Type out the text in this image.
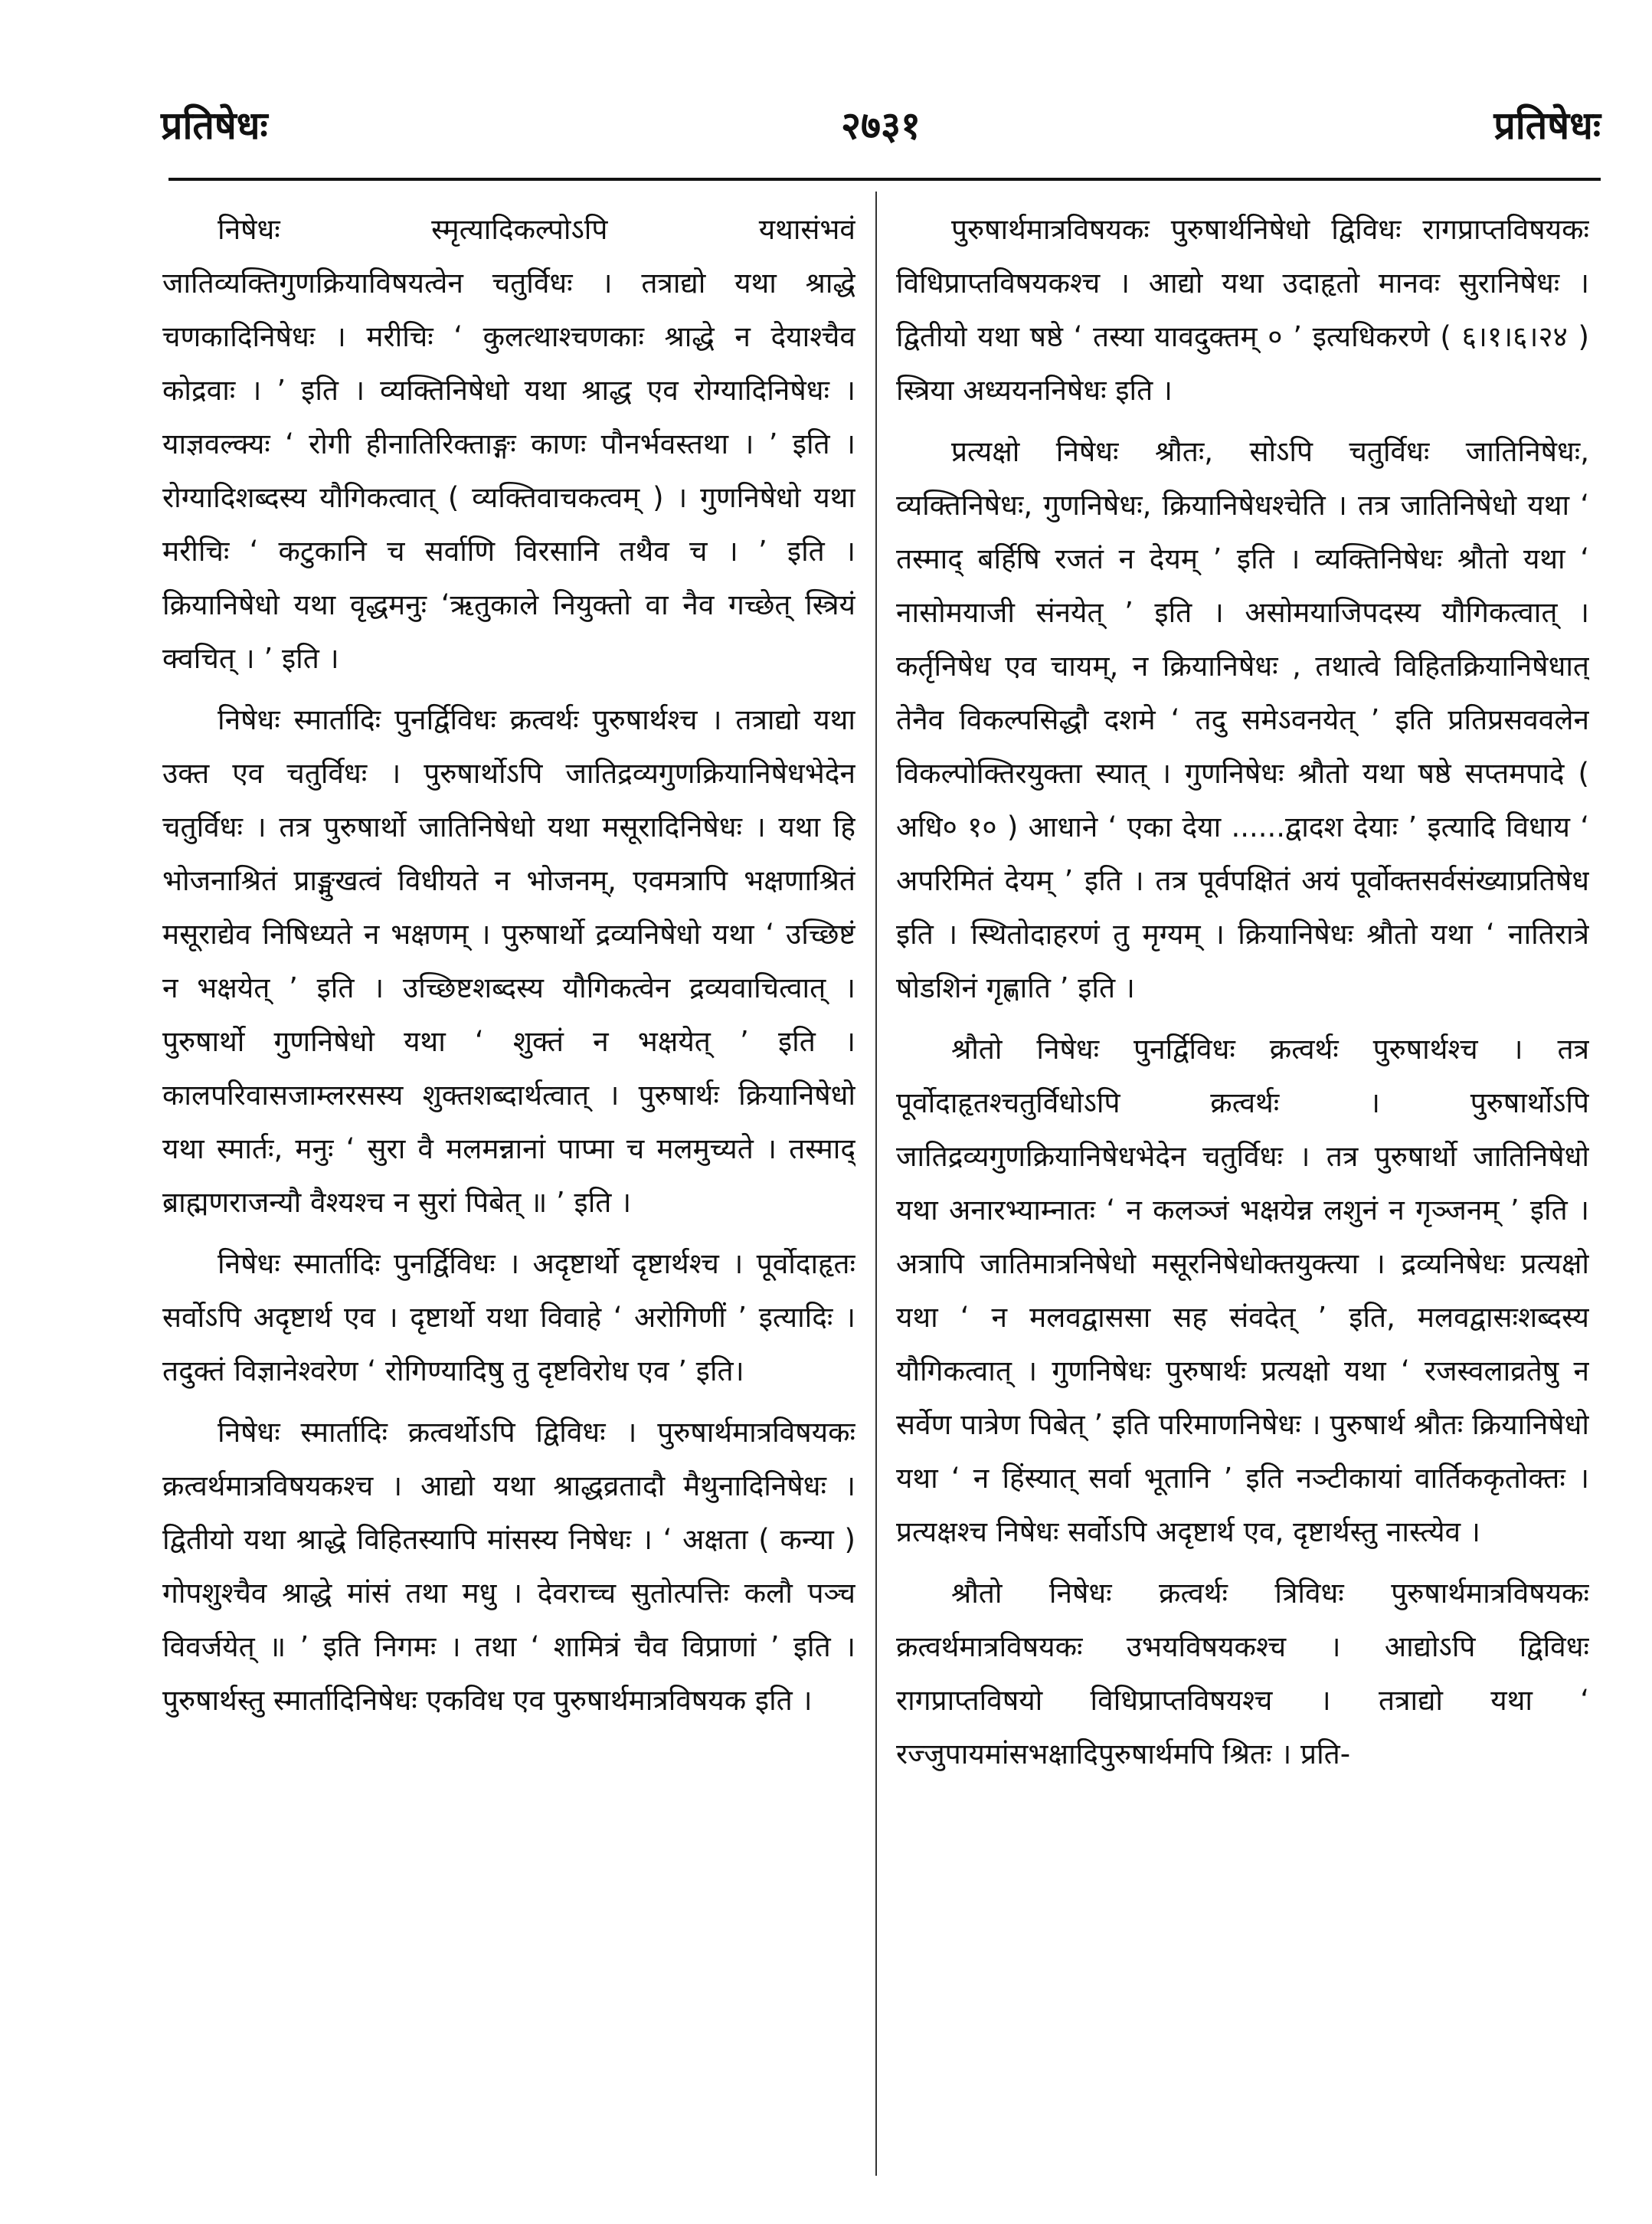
प्रतिषेधः	२७३१	प्रतिषेधः

निषेधः स्मृत्यादिकल्पोऽपि यथासंभवं जातिव्यक्तिगुणक्रियाविषयत्वेन चतुर्विधः । तत्राद्यो यथा श्राद्धे चणकादिनिषेधः । मरीचिः ‘ कुलत्थाश्चणकाः श्राद्धे न देयाश्चैव कोद्रवाः । ’ इति । व्यक्तिनिषेधो यथा श्राद्ध एव रोग्यादिनिषेधः । याज्ञवल्क्यः ‘ रोगी हीनातिरिक्ताङ्गः काणः पौनर्भवस्तथा । ’ इति । रोग्यादिशब्दस्य यौगिकत्वात् ( व्यक्तिवाचकत्वम् ) । गुणनिषेधो यथा मरीचिः ‘ कटुकानि च सर्वाणि विरसानि तथैव च । ’ इति । क्रियानिषेधो यथा वृद्धमनुः ‘ऋतुकाले नियुक्तो वा नैव गच्छेत् स्त्रियं क्वचित् । ’ इति ।

निषेधः स्मार्तादिः पुनर्द्विविधः क्रत्वर्थः पुरुषार्थश्च । तत्राद्यो यथा उक्त एव चतुर्विधः । पुरुषार्थोऽपि जातिद्रव्यगुणक्रियानिषेधभेदेन चतुर्विधः । तत्र पुरुषार्थो जातिनिषेधो यथा मसूरादिनिषेधः । यथा हि भोजनाश्रितं प्राङ्मुखत्वं विधीयते न भोजनम्, एवमत्रापि भक्षणाश्रितं मसूराद्येव निषिध्यते न भक्षणम् । पुरुषार्थो द्रव्यनिषेधो यथा ‘ उच्छिष्टं न भक्षयेत् ’ इति । उच्छिष्टशब्दस्य यौगिकत्वेन द्रव्यवाचित्वात् । पुरुषार्थो गुणनिषेधो यथा ‘ शुक्तं न भक्षयेत् ’ इति । कालपरिवासजाम्लरसस्य शुक्तशब्दार्थत्वात् । पुरुषार्थः क्रियानिषेधो यथा स्मार्तः, मनुः ‘ सुरा वै मलमन्नानां पाप्मा च मलमुच्यते । तस्माद् ब्राह्मणराजन्यौ वैश्यश्च न सुरां पिबेत् ॥ ’ इति ।

निषेधः स्मार्तादिः पुनर्द्विविधः । अदृष्टार्थो दृष्टार्थश्च । पूर्वोदाहृतः सर्वोऽपि अदृष्टार्थ एव । दृष्टार्थो यथा विवाहे ‘ अरोगिणीं ’ इत्यादिः । तदुक्तं विज्ञानेश्वरेण ‘ रोगिण्यादिषु तु दृष्टविरोध एव ’ इति।

निषेधः स्मार्तादिः क्रत्वर्थोऽपि द्विविधः । पुरुषार्थमात्रविषयकः क्रत्वर्थमात्रविषयकश्च । आद्यो यथा श्राद्धव्रतादौ मैथुनादिनिषेधः । द्वितीयो यथा श्राद्धे विहितस्यापि मांसस्य निषेधः । ‘ अक्षता ( कन्या ) गोपशुश्चैव श्राद्धे मांसं तथा मधु । देवराच्च सुतोत्पत्तिः कलौ पञ्च विवर्जयेत् ॥ ’ इति निगमः । तथा ‘ शामित्रं चैव विप्राणां ’ इति । पुरुषार्थस्तु स्मार्तादिनिषेधः एकविध एव पुरुषार्थमात्रविषयक इति ।

पुरुषार्थमात्रविषयकः पुरुषार्थनिषेधो द्विविधः रागप्राप्तविषयकः विधिप्राप्तविषयकश्च । आद्यो यथा उदाहृतो मानवः सुरानिषेधः । द्वितीयो यथा षष्ठे ‘ तस्या यावदुक्तम् ० ’ इत्यधिकरणे ( ६।१।६।२४ ) स्त्रिया अध्ययननिषेधः इति ।

प्रत्यक्षो निषेधः श्रौतः, सोऽपि चतुर्विधः जातिनिषेधः, व्यक्तिनिषेधः, गुणनिषेधः, क्रियानिषेधश्चेति । तत्र जातिनिषेधो यथा ‘ तस्माद् बर्हिषि रजतं न देयम् ’ इति । व्यक्तिनिषेधः श्रौतो यथा ‘ नासोमयाजी संनयेत् ’ इति । असोमयाजिपदस्य यौगिकत्वात् । कर्तृनिषेध एव चायम्, न क्रियानिषेधः , तथात्वे विहितक्रियानिषेधात् तेनैव विकल्पसिद्धौ दशमे ‘ तदु समेऽवनयेत् ’ इति प्रतिप्रसववलेन विकल्पोक्तिरयुक्ता स्यात् । गुणनिषेधः श्रौतो यथा षष्ठे सप्तमपादे ( अधि० १० ) आधाने ‘ एका देया ......द्वादश देयाः ’ इत्यादि विधाय ‘ अपरिमितं देयम् ’ इति । तत्र पूर्वपक्षितं अयं पूर्वोक्तसर्वसंख्याप्रतिषेध इति । स्थितोदाहरणं तु मृग्यम् । क्रियानिषेधः श्रौतो यथा ‘ नातिरात्रे षोडशिनं गृह्णाति ’ इति ।

श्रौतो निषेधः पुनर्द्विविधः क्रत्वर्थः पुरुषार्थश्च । तत्र पूर्वोदाहृतश्चतुर्विधोऽपि क्रत्वर्थः । पुरुषार्थोऽपि जातिद्रव्यगुणक्रियानिषेधभेदेन चतुर्विधः । तत्र पुरुषार्थो जातिनिषेधो यथा अनारभ्याम्नातः ‘ न कलञ्जं भक्षयेन्न लशुनं न गृञ्जनम् ’ इति । अत्रापि जातिमात्रनिषेधो मसूरनिषेधोक्तयुक्त्या । द्रव्यनिषेधः प्रत्यक्षो यथा ‘ न मलवद्वाससा सह संवदेत् ’ इति, मलवद्वासःशब्दस्य यौगिकत्वात् । गुणनिषेधः पुरुषार्थः प्रत्यक्षो यथा ‘ रजस्वलाव्रतेषु न सर्वेण पात्रेण पिबेत् ’ इति परिमाणनिषेधः । पुरुषार्थ श्रौतः क्रियानिषेधो यथा ‘ न हिंस्यात् सर्वा भूतानि ’ इति नञ्टीकायां वार्तिककृतोक्तः । प्रत्यक्षश्च निषेधः सर्वोऽपि अदृष्टार्थ एव, दृष्टार्थस्तु नास्त्येव ।

श्रौतो निषेधः क्रत्वर्थः त्रिविधः पुरुषार्थमात्रविषयकः क्रत्वर्थमात्रविषयकः उभयविषयकश्च । आद्योऽपि द्विविधः रागप्राप्तविषयो विधिप्राप्तविषयश्च । तत्राद्यो यथा ‘ रज्जुपायमांसभक्षादिपुरुषार्थमपि श्रितः । प्रति-
